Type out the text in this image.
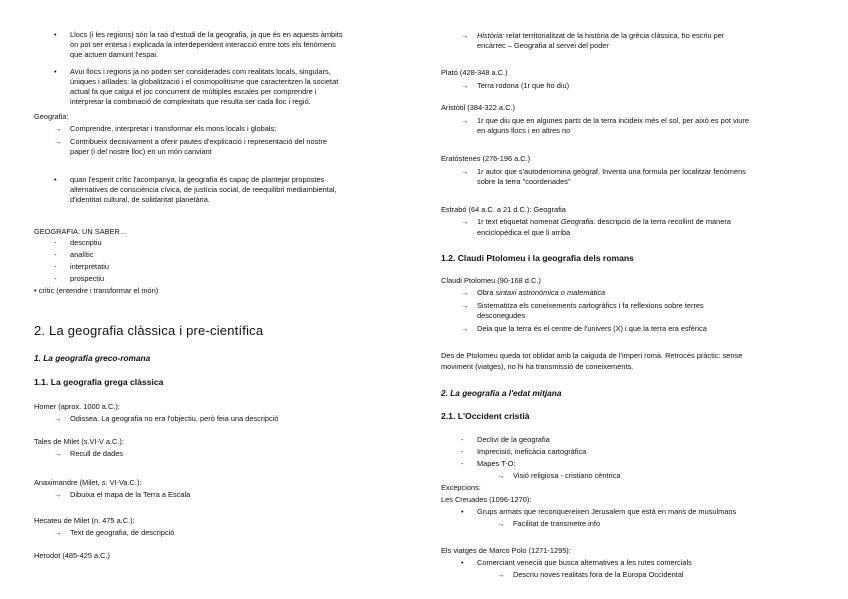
• Llocs (i les regions) són la raó d'estudi de la geografia, ja que és en aquests àmbits
on pot ser entesa i explicada la interdependent interacció entre tots els fenòmens
que actuen damunt l'espai.
• Avui llocs i regions ja no poden ser considerades com realitats locals, singulars,
úniques i aïllades: la globalització i el cosmopolitisme que caracteritzen la societat
actual fa que calgui el joc concurrent de múltiples escales per comprendre i
interpretar la combinació de complexitats que resulta ser cada lloc i regió.
Geografia:
→ Comprendre, interpretar i transformar els mons locals i globals;
→ Contribueix decisivament a oferir pautes d'explicació i representació del nostre
paper (i del nostre lloc) en un món canviant
• quan l'esperit crític l'acompanya, la geografia és capaç de plantejar propostes
alternatives de consciència cívica, de justícia social, de reequilibri mediambiental,
d'identitat cultural, de solidaritat planetària.
GEOGRAFIA: UN SABER…
- descriptiu
- analític
- interpretatiu
- prospectiu
• crític (entendre i transformar el món)
2. La geografia clàssica i pre-científica
1. La geografia greco-romana
1.1. La geografia grega clàssica
Homer (aprox. 1000 a.C.):
→ Odissea. La geografia no era l'objectiu, però feia una descripció
Tales de Milet (s.VI-V a.C.):
→ Recull de dades
Anaximandre (Milet, s. VI-Va.C.):
→ Dibuixa el mapa de la Terra a Escala
Hecateu de Milet (n. 475 a.C.):
→ Text de geografia, de descripció
Herodot (485-425 a.C.)
→ Història: relat territorialitzat de la història de la grècia clàssica, ho escriu per
encàrrec – Geografia al servei del poder
Plató (428-348 a.C.)
→ Terra rodona (1r que ho diu)
Aristòtil (384-322 a.C.)
→ 1r que diu que en algunes parts de la terra incideix més el sol, per això es pot viure
en alguns llocs i en altres no
Eratòstenes (276-196 a.C.)
→ 1r autor que s'autodenomina geògraf. Inventa una formula per localitzar fenòmens
sobre la terra "coordenades"
Estrabó (64 a.C. a 21 d.C.): Geografia
→ 1r text etiquetat nomenat Geografia: descripció de la terra recollint de manera
enciclopèdica el que li arriba
1.2. Claudi Ptolomeu i la geografia dels romans
Claudi Ptolomeu (90-168 d.C.)
→ Obra sintaxi astronòmica o matemàtica
→ Sistematitza els coneixements cartogràfics i fa reflexions sobre terres
desconegudes
→ Deia que la terra és el centre de l'univers (X) i que la terra era esfèrica
Des de Ptolomeu queda tot oblidat amb la caiguda de l'imperi romà. Retrocés pràctic: sense
moviment (viatges), no hi ha transmissió de coneixements.
2. La geografia a l'edat mitjana
2.1. L'Occident cristià
- Declivi de la geografia
- Imprecisió, ineficàcia cartogràfica
- Mapes T-O:
→ Visió religiosa - cristiano cèntrica
Excepcions:
Les Creuades (1096-1270):
• Grups armats que reconquereixen Jerusalem que està en mans de musulmans
→ Facilitat de transmetre info
Els viatges de Marco Polo (1271-1295):
• Comerciant venecià que busca alternatives a les rutes comercials
→ Descriu noves realitats fora de la Europa Occidental
